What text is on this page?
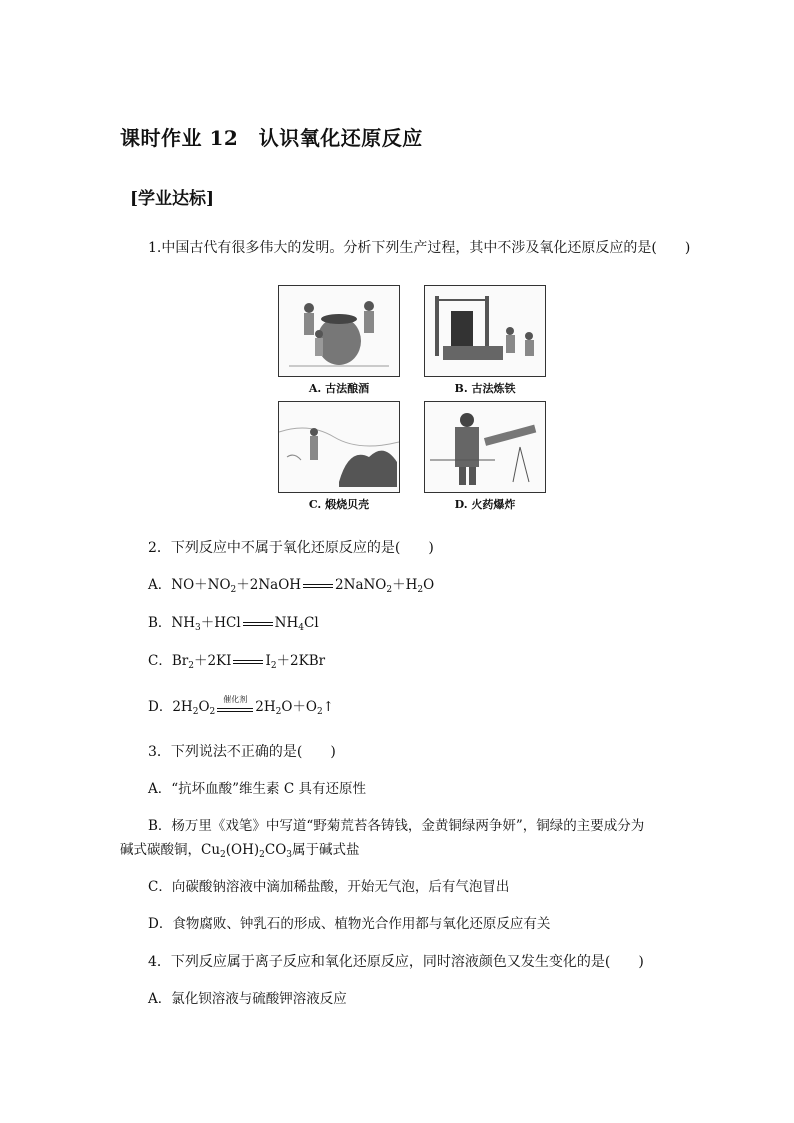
课时作业 12　认识氧化还原反应
[学业达标]
1.中国古代有很多伟大的发明。分析下列生产过程，其中不涉及氧化还原反应的是(　　)
A. 古法酿酒	B. 古法炼铁
C. 煅烧贝壳	D. 火药爆炸
2．下列反应中不属于氧化还原反应的是(　　)
A．$NO+NO_2+2NaOH$	$2NaNO_2+H_2O$
B．$NH_3+HCl$	$NH_4Cl$
C．$Br_2+2KI$	$I_2+2KBr$
D．$2H_2O_2$
催化剂 $2H_2O+O_2↑$
3．下列说法不正确的是(　　)
A．“抗坏血酸”维生素 C 具有还原性
B．杨万里《戏笔》中写道“野菊荒苔各铸钱，金黄铜绿两争妍”，铜绿的主要成分为
碱式碳酸铜，$Cu_2(OH)_2CO_3$属于碱式盐
C．向碳酸钠溶液中滴加稀盐酸，开始无气泡，后有气泡冒出
D．食物腐败、钟乳石的形成、植物光合作用都与氧化还原反应有关
4．下列反应属于离子反应和氧化还原反应，同时溶液颜色又发生变化的是(　　)
A．氯化钡溶液与硫酸钾溶液反应
